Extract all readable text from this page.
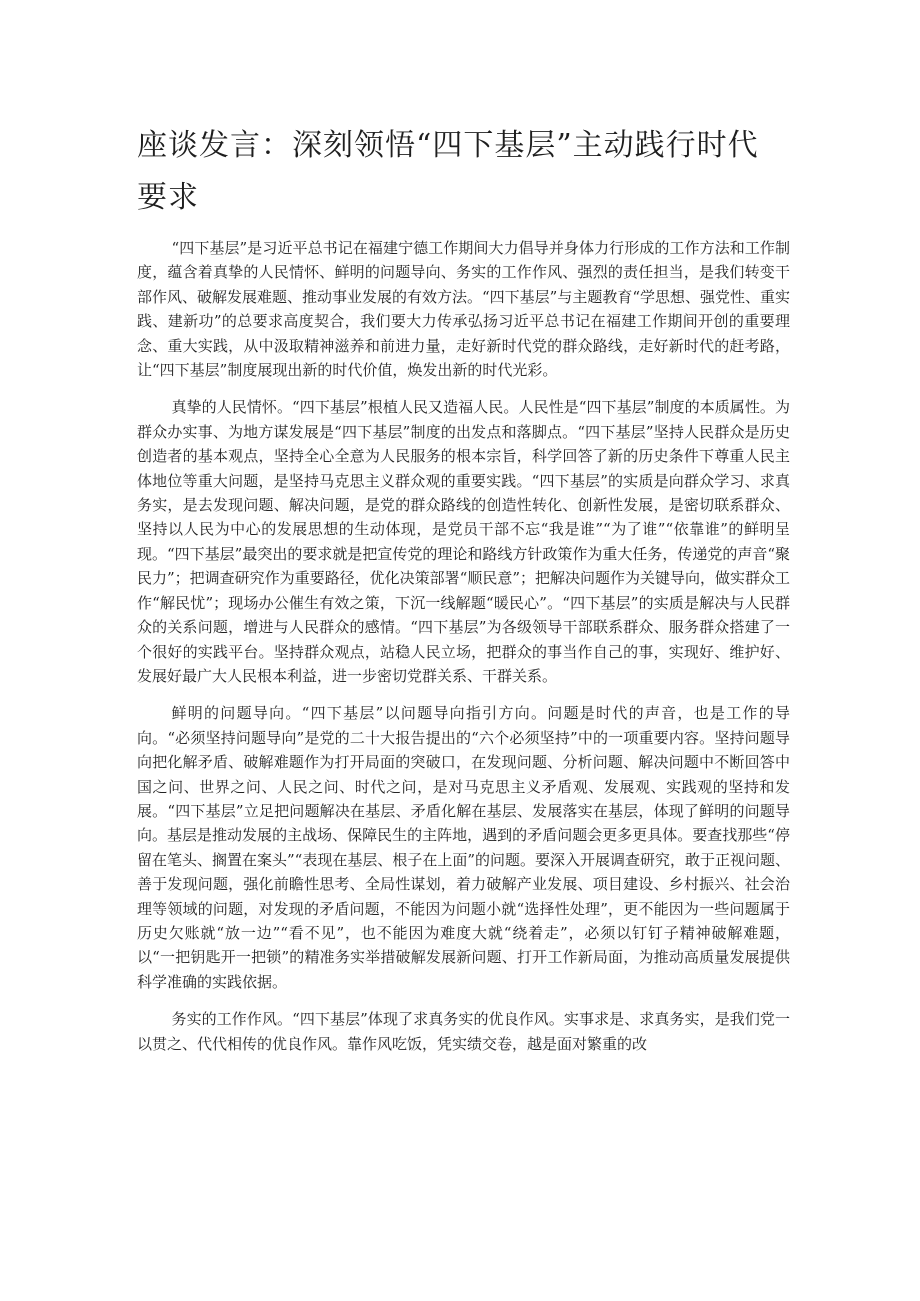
座谈发言：深刻领悟“四下基层”主动践行时代要求

“四下基层”是习近平总书记在福建宁德工作期间大力倡导并身体力行形成的工作方法和工作制度，蕴含着真挚的人民情怀、鲜明的问题导向、务实的工作作风、强烈的责任担当，是我们转变干部作风、破解发展难题、推动事业发展的有效方法。“四下基层”与主题教育“学思想、强党性、重实践、建新功”的总要求高度契合，我们要大力传承弘扬习近平总书记在福建工作期间开创的重要理念、重大实践，从中汲取精神滋养和前进力量，走好新时代党的群众路线，走好新时代的赶考路，让“四下基层”制度展现出新的时代价值，焕发出新的时代光彩。

真挚的人民情怀。“四下基层”根植人民又造福人民。人民性是“四下基层”制度的本质属性。为群众办实事、为地方谋发展是“四下基层”制度的出发点和落脚点。“四下基层”坚持人民群众是历史创造者的基本观点，坚持全心全意为人民服务的根本宗旨，科学回答了新的历史条件下尊重人民主体地位等重大问题，是坚持马克思主义群众观的重要实践。“四下基层”的实质是向群众学习、求真务实，是去发现问题、解决问题，是党的群众路线的创造性转化、创新性发展，是密切联系群众、坚持以人民为中心的发展思想的生动体现，是党员干部不忘“我是谁”“为了谁”“依靠谁”的鲜明呈现。“四下基层”最突出的要求就是把宣传党的理论和路线方针政策作为重大任务，传递党的声音“聚民力”；把调查研究作为重要路径，优化决策部署“顺民意”；把解决问题作为关键导向，做实群众工作“解民忧”；现场办公催生有效之策，下沉一线解题“暖民心”。“四下基层”的实质是解决与人民群众的关系问题，增进与人民群众的感情。“四下基层”为各级领导干部联系群众、服务群众搭建了一个很好的实践平台。坚持群众观点，站稳人民立场，把群众的事当作自己的事，实现好、维护好、发展好最广大人民根本利益，进一步密切党群关系、干群关系。

鲜明的问题导向。“四下基层”以问题导向指引方向。问题是时代的声音，也是工作的导向。“必须坚持问题导向”是党的二十大报告提出的“六个必须坚持”中的一项重要内容。坚持问题导向把化解矛盾、破解难题作为打开局面的突破口，在发现问题、分析问题、解决问题中不断回答中国之问、世界之问、人民之问、时代之问，是对马克思主义矛盾观、发展观、实践观的坚持和发展。“四下基层”立足把问题解决在基层、矛盾化解在基层、发展落实在基层，体现了鲜明的问题导向。基层是推动发展的主战场、保障民生的主阵地，遇到的矛盾问题会更多更具体。要查找那些“停留在笔头、搁置在案头”“表现在基层、根子在上面”的问题。要深入开展调查研究，敢于正视问题、善于发现问题，强化前瞻性思考、全局性谋划，着力破解产业发展、项目建设、乡村振兴、社会治理等领域的问题，对发现的矛盾问题，不能因为问题小就“选择性处理”，更不能因为一些问题属于历史欠账就“放一边”“看不见”，也不能因为难度大就“绕着走”，必须以钉钉子精神破解难题，以“一把钥匙开一把锁”的精准务实举措破解发展新问题、打开工作新局面，为推动高质量发展提供科学准确的实践依据。

务实的工作作风。“四下基层”体现了求真务实的优良作风。实事求是、求真务实，是我们党一以贯之、代代相传的优良作风。靠作风吃饭，凭实绩交卷，越是面对繁重的改
